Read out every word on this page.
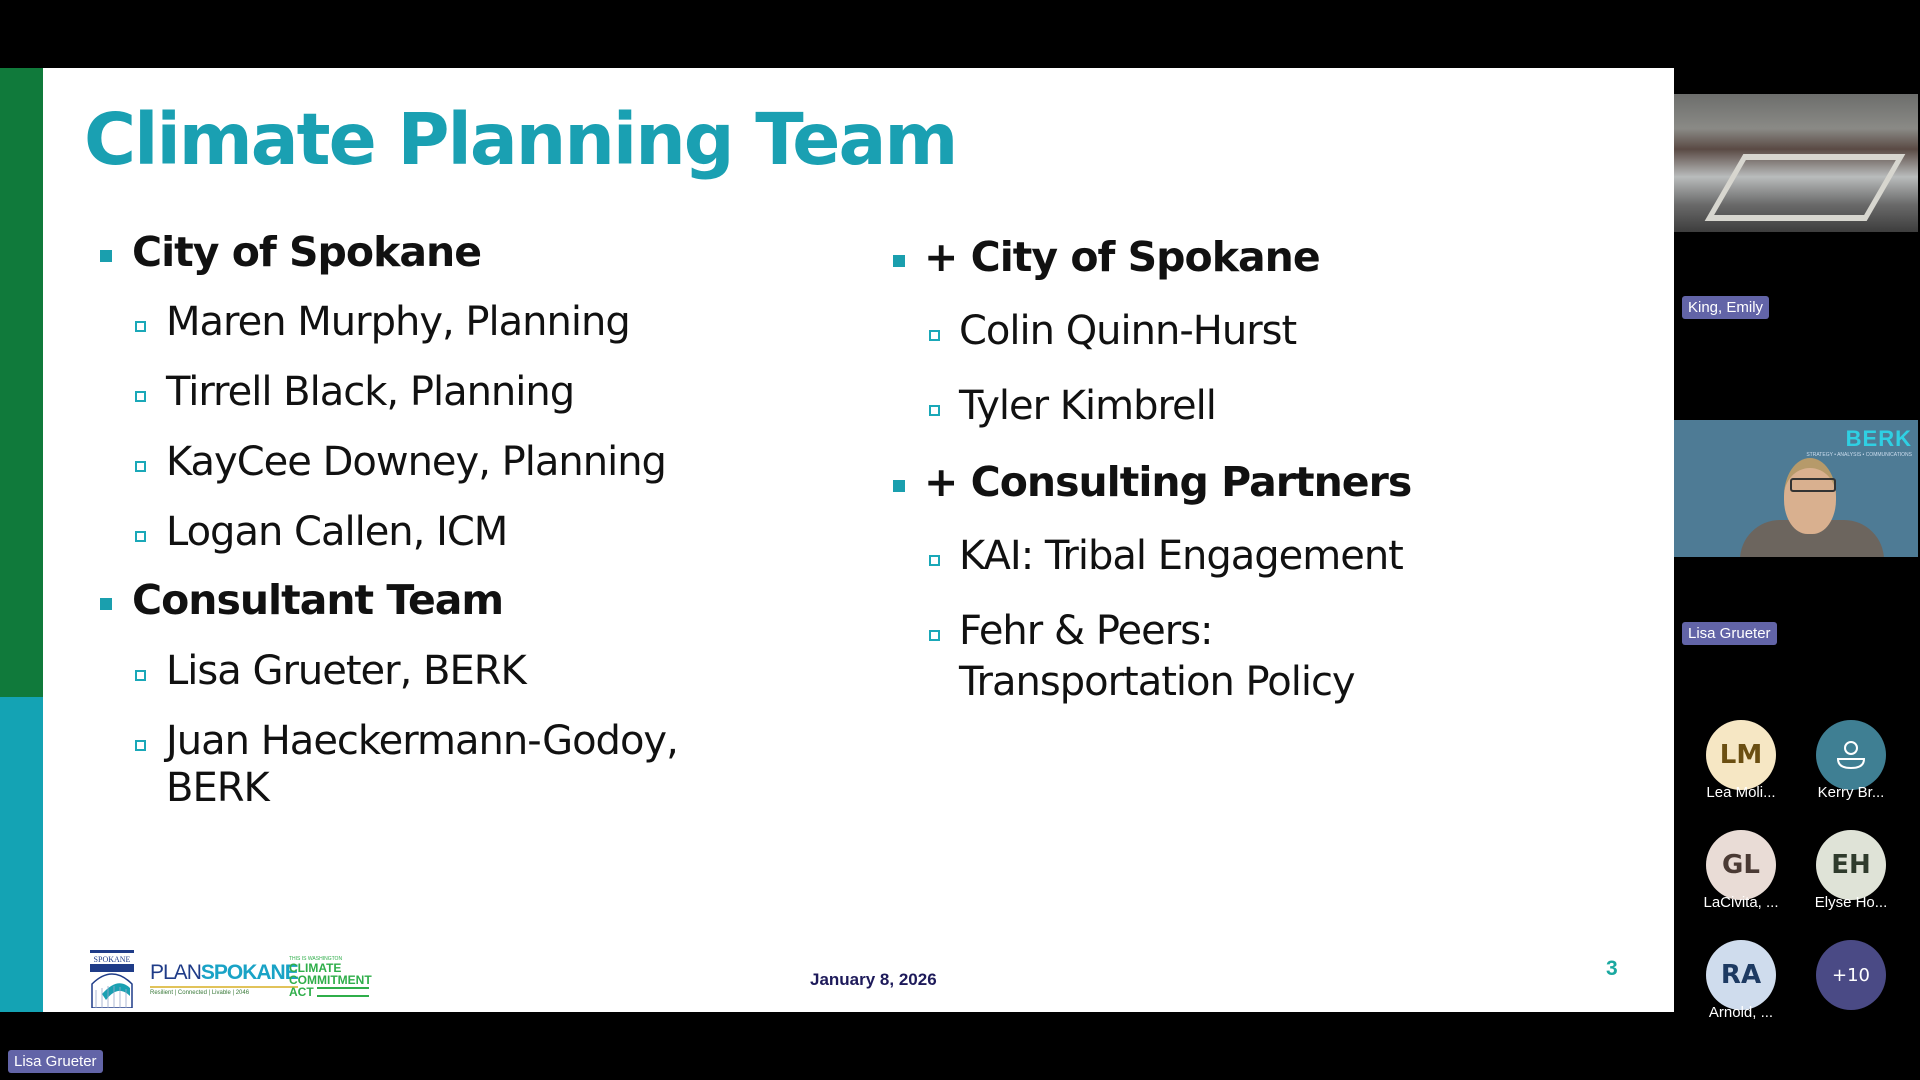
Climate Planning Team
City of Spokane
Maren Murphy, Planning
Tirrell Black, Planning
KayCee Downey, Planning
Logan Callen, ICM
Consultant Team
Lisa Grueter, BERK
Juan Haeckermann-Godoy,
BERK
+ City of Spokane
Colin Quinn-Hurst
Tyler Kimbrell
+ Consulting Partners
KAI: Tribal Engagement
Fehr & Peers:
Transportation Policy
SPOKANE
PLANSPOKANE
Resilient | Connected | Livable | 2046
THIS IS WASHINGTON
CLIMATE
COMMITMENT
ACT
January 8, 2026	3
Lisa Grueter
King, Emily
BERK
STRATEGY • ANALYSIS • COMMUNICATIONS
Lisa Grueter
LM
Lea Moli...	Kerry Br...
GL
LaCivita, ...
EH
Elyse Ho...
RA
Arnold, ...
+10
